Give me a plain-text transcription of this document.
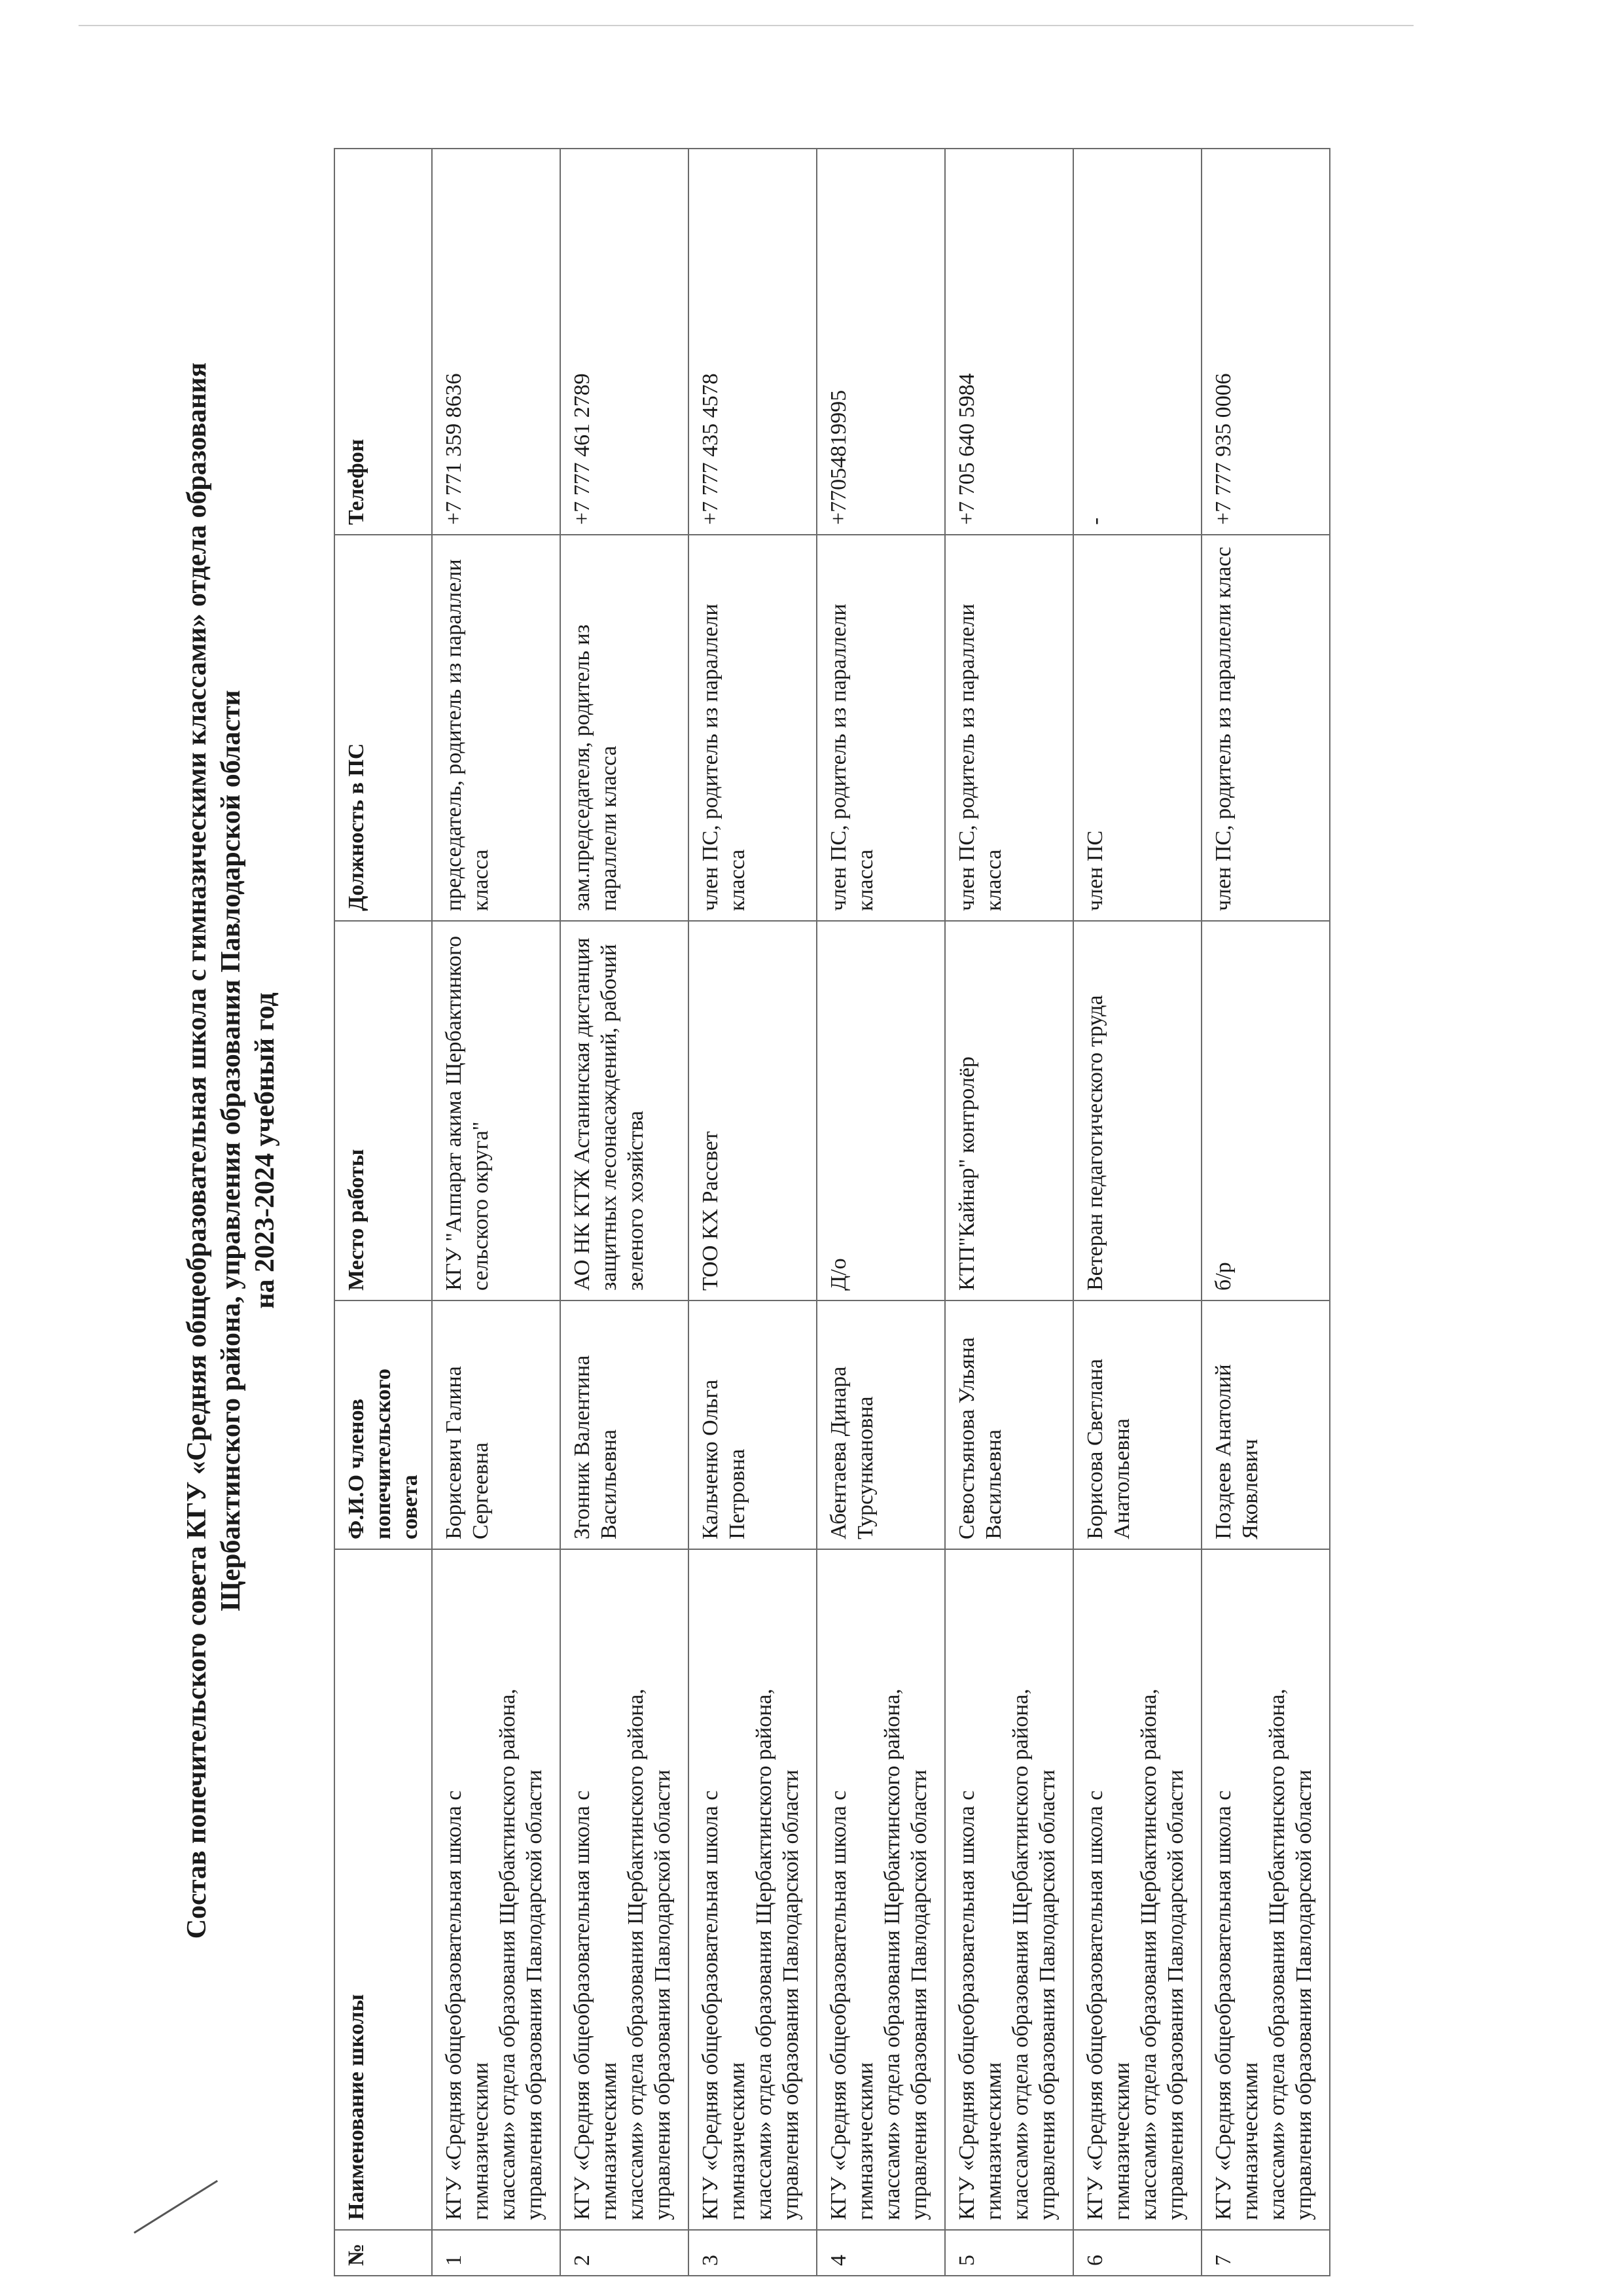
Состав попечительского совета КГУ «Средняя общеобразовательная школа с гимназическими классами» отдела образования Щербактинского района, управления образования Павлодарской области на 2023-2024 учебный год
№	Наименование школы	Ф.И.О членов попечительского совета	Место работы	Должность в ПС	Телефон
1	КГУ «Средняя общеобразовательная школа с гимназическими классами» отдела образования Щербактинского района, управления образования Павлодарской области	Борисевич Галина Сергеевна	КГУ "Аппарат акима Щербактинкого сельского округа"	председатель, родитель из параллели класса	+7 771 359 8636
2	КГУ «Средняя общеобразовательная школа с гимназическими классами» отдела образования Щербактинского района, управления образования Павлодарской области	Згонник Валентина Васильевна	АО НК КТЖ Астанинская дистанция защитных лесонасаждений, рабочий зеленого хозяйства	зам.председателя, родитель из параллели класса	+7 777 461 2789
3	КГУ «Средняя общеобразовательная школа с гимназическими классами» отдела образования Щербактинского района, управления образования Павлодарской области	Кальченко Ольга Петровна	ТОО КХ Рассвет	член ПС, родитель из параллели класса	+7 777 435 4578
4	КГУ «Средняя общеобразовательная школа с гимназическими классами» отдела образования Щербактинского района, управления образования Павлодарской области	Абентаева Динара Турсункановна	Д/о	член ПС, родитель из параллели класса	+77054819995
5	КГУ «Средняя общеобразовательная школа с гимназическими классами» отдела образования Щербактинского района, управления образования Павлодарской области	Севостьянова Ульяна Васильевна	КТП"Кайнар" контролёр	член ПС, родитель из параллели класса	+7 705 640 5984
6	КГУ «Средняя общеобразовательная школа с гимназическими классами» отдела образования Щербактинского района, управления образования Павлодарской области	Борисова Светлана Анатольевна	Ветеран педагогического труда	член ПС	-
7	КГУ «Средняя общеобразовательная школа с гимназическими классами» отдела образования Щербактинского района, управления образования Павлодарской области	Поздеев Анатолий Яковлевич	б/р	член ПС, родитель из параллели класс	+7 777 935 0006
